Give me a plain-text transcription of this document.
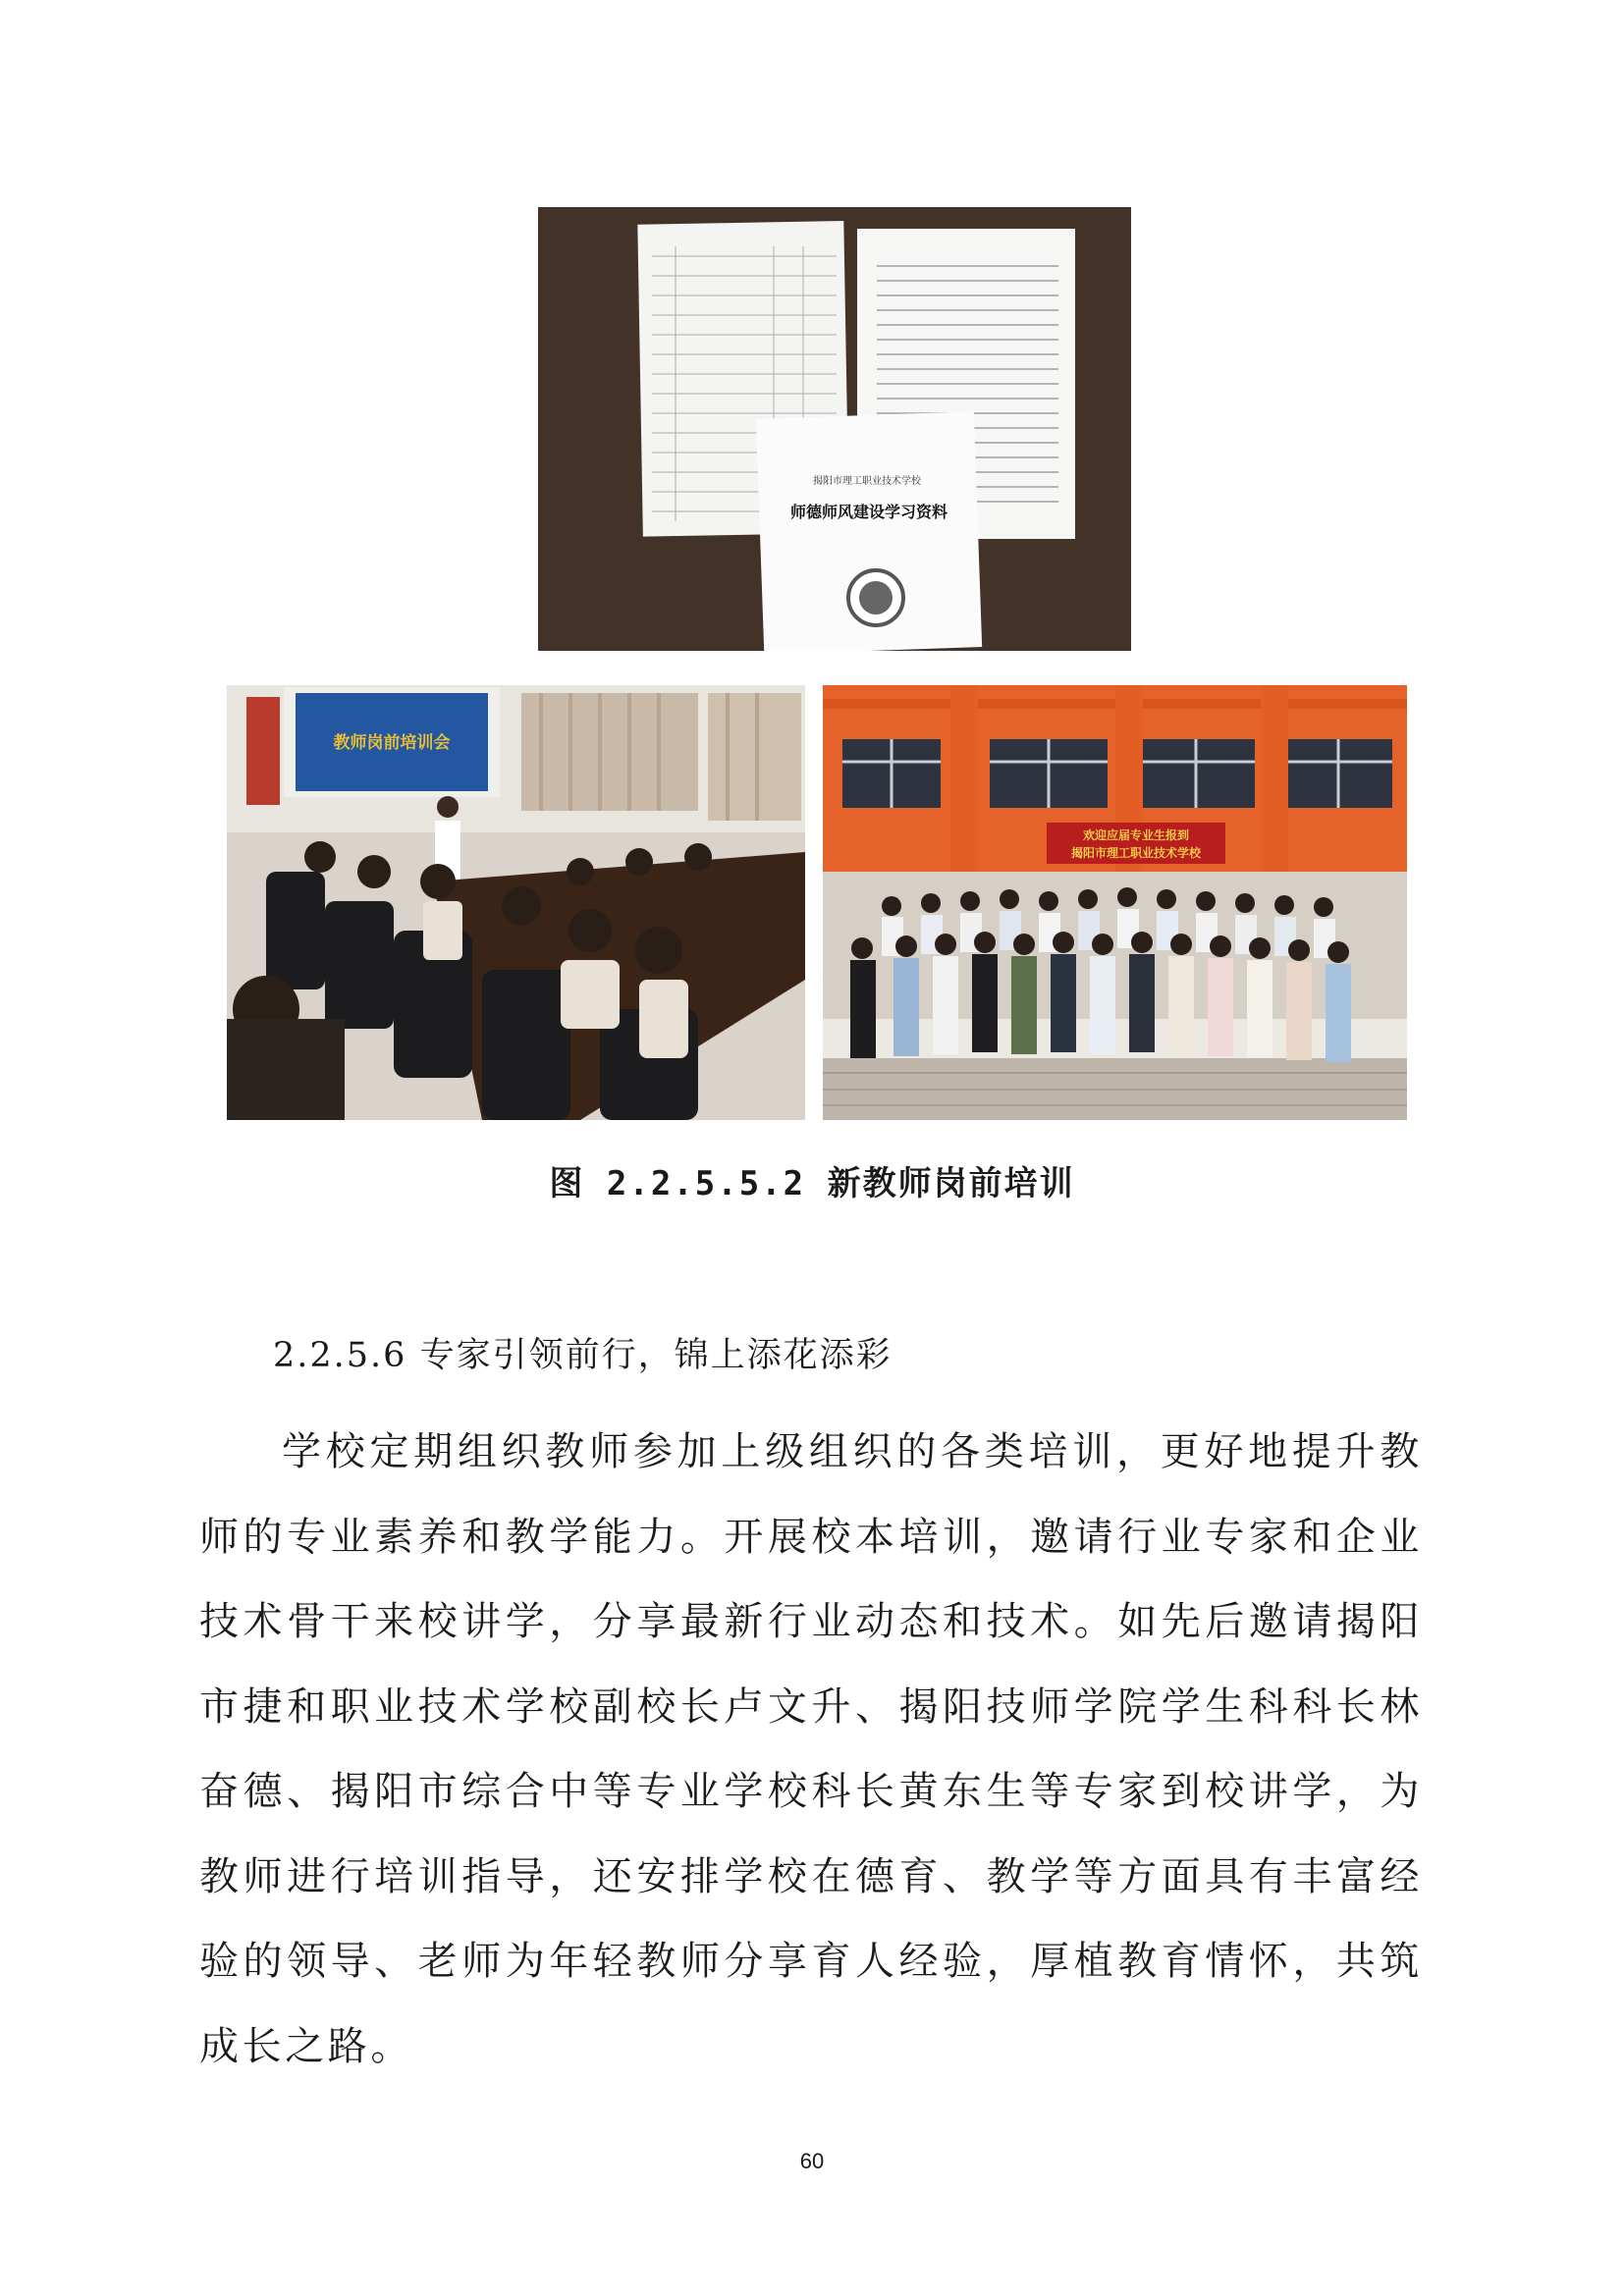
揭阳市理工职业技术学校
师德师风建设学习资料
教师岗前培训会
欢迎应届专业生报到
揭阳市理工职业技术学校
图 2.2.5.5.2 新教师岗前培训
2.2.5.6 专家引领前行，锦上添花添彩
学校定期组织教师参加上级组织的各类培训，更好地提升教师的专业素养和教学能力。开展校本培训，邀请行业专家和企业技术骨干来校讲学，分享最新行业动态和技术。如先后邀请揭阳市捷和职业技术学校副校长卢文升、揭阳技师学院学生科科长林奋德、揭阳市综合中等专业学校科长黄东生等专家到校讲学，为教师进行培训指导，还安排学校在德育、教学等方面具有丰富经验的领导、老师为年轻教师分享育人经验，厚植教育情怀，共筑成长之路。
60
